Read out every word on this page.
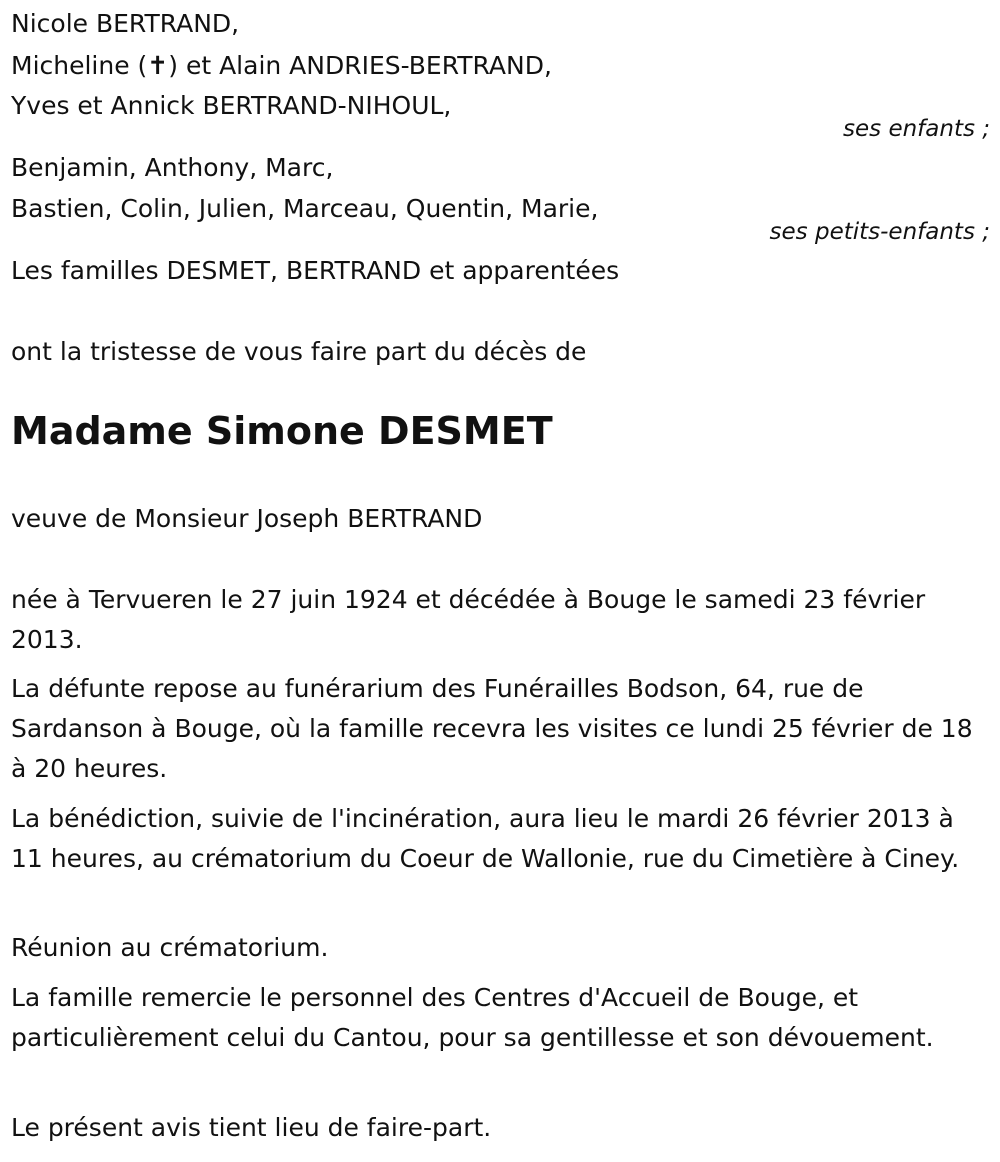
Nicole BERTRAND,
Micheline (✝) et Alain ANDRIES-BERTRAND,
Yves et Annick BERTRAND-NIHOUL,
ses enfants ;
Benjamin, Anthony, Marc,
Bastien, Colin, Julien, Marceau, Quentin, Marie,
ses petits-enfants ;
Les familles DESMET, BERTRAND et apparentées
ont la tristesse de vous faire part du décès de
Madame Simone DESMET
veuve de Monsieur Joseph BERTRAND
née à Tervueren le 27 juin 1924 et décédée à Bouge le samedi 23 février 2013.
La défunte repose au funérarium des Funérailles Bodson, 64, rue de Sardanson à Bouge, où la famille recevra les visites ce lundi 25 février de 18 à 20 heures.
La bénédiction, suivie de l'incinération, aura lieu le mardi 26 février 2013 à 11 heures, au crématorium du Coeur de Wallonie, rue du Cimetière à Ciney.
Réunion au crématorium.
La famille remercie le personnel des Centres d'Accueil de Bouge, et particulièrement celui du Cantou, pour sa gentillesse et son dévouement.
Le présent avis tient lieu de faire-part.
